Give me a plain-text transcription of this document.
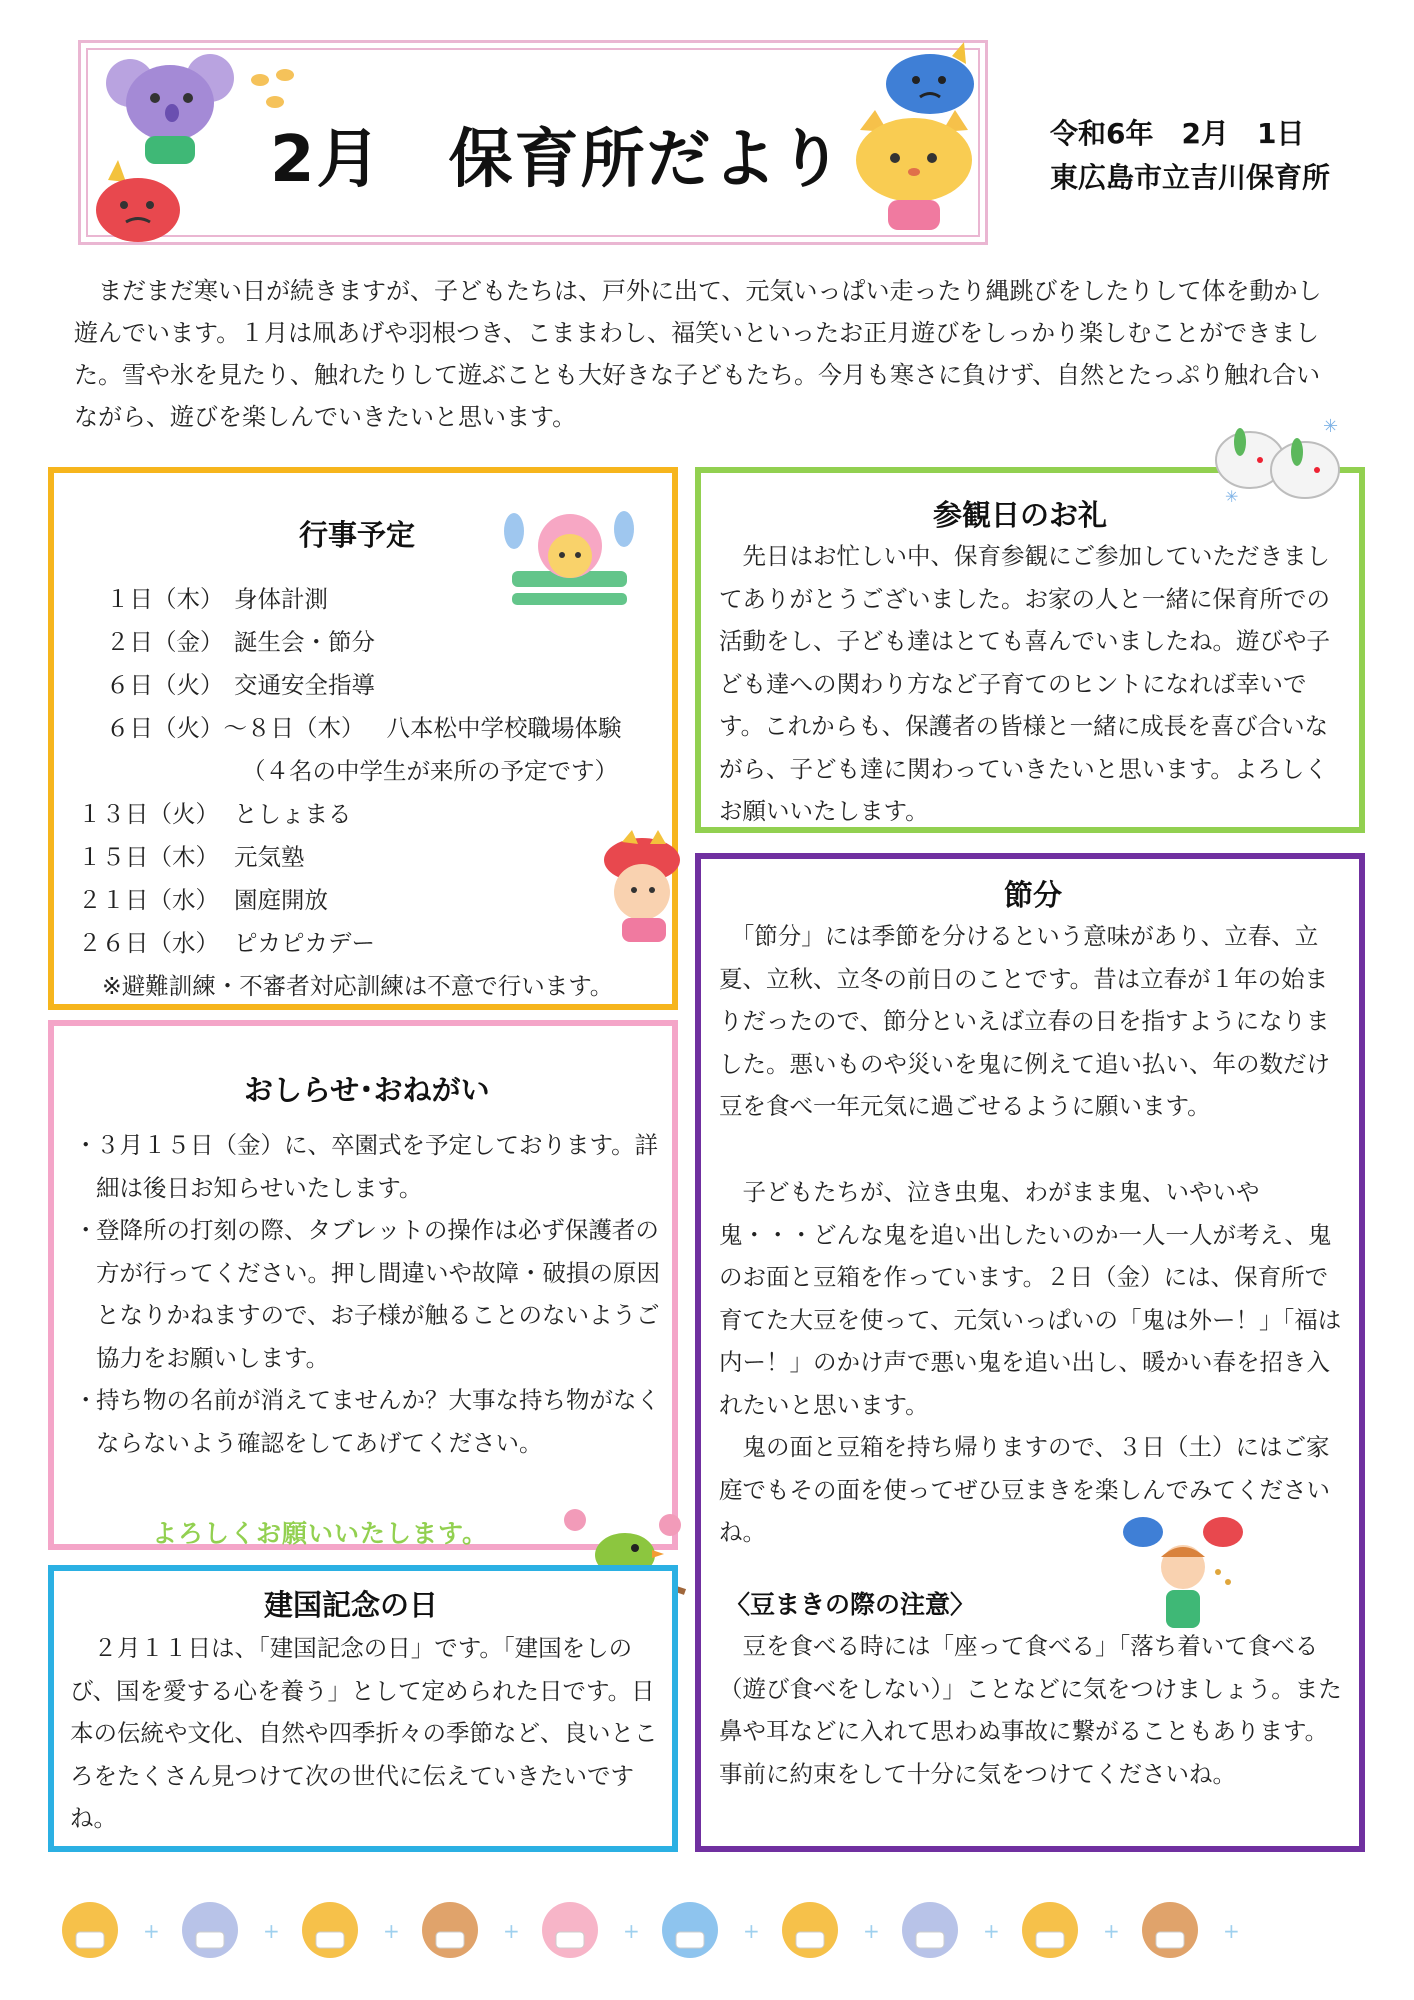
2月　保育所だより	令和6年　2月　1日
東広島市立吉川保育所
　まだまだ寒い日が続きますが、子どもたちは、戸外に出て、元気いっぱい走ったり縄跳びをしたりして体を動かし遊んでいます。１月は凧あげや羽根つき、こままわし、福笑いといったお正月遊びをしっかり楽しむことができました。雪や氷を見たり、触れたりして遊ぶことも大好きな子どもたち。今月も寒さに負けず、自然とたっぷり触れ合いながら、遊びを楽しんでいきたいと思います。
行事予定
１日（木） 身体計測
２日（金） 誕生会・節分
６日（火） 交通安全指導
６日（火）～８日（木） 八本松中学校職場体験
（４名の中学生が来所の予定です）
１３日（火） としょまる
１５日（木） 元気塾
２１日（水） 園庭開放
２６日（水） ピカピカデー
※避難訓練・不審者対応訓練は不意で行います。
参観日のお礼
　先日はお忙しい中、保育参観にご参加していただきましてありがとうございました。お家の人と一緒に保育所での活動をし、子ども達はとても喜んでいましたね。遊びや子ども達への関わり方など子育てのヒントになれば幸いです。これからも、保護者の皆様と一緒に成長を喜び合いながら、子ども達に関わっていきたいと思います。よろしくお願いいたします。
✳
✳
おしらせ･おねがい
・
３月１５日（金）に、卒園式を予定しております。詳細は後日お知らせいたします。
・
登降所の打刻の際、タブレットの操作は必ず保護者の方が行ってください。押し間違いや故障・破損の原因となりかねますので、お子様が触ることのないようご協力をお願いします。
・
持ち物の名前が消えてませんか？大事な持ち物がなくならないよう確認をしてあげてください。
よろしくお願いいたします。
建国記念の日
　２月１１日は、「建国記念の日」です。「建国をしのび、国を愛する心を養う」として定められた日です。日本の伝統や文化、自然や四季折々の季節など、良いところをたくさん見つけて次の世代に伝えていきたいですね。
節分
　「節分」には季節を分けるという意味があり、立春、立夏、立秋、立冬の前日のことです。昔は立春が１年の始まりだったので、節分といえば立春の日を指すようになりました。悪いものや災いを鬼に例えて追い払い、年の数だけ豆を食べ一年元気に過ごせるように願います。
　子どもたちが、泣き虫鬼、わがまま鬼、いやいや鬼・・・どんな鬼を追い出したいのか一人一人が考え、鬼のお面と豆箱を作っています。２日（金）には、保育所で育てた大豆を使って、元気いっぱいの「鬼は外ー！」「福は内ー！」のかけ声で悪い鬼を追い出し、暖かい春を招き入れたいと思います。
　鬼の面と豆箱を持ち帰りますので、３日（土）にはご家庭でもその面を使ってぜひ豆まきを楽しんでみてくださいね。
〈豆まきの際の注意〉
　豆を食べる時には「座って食べる」「落ち着いて食べる（遊び食べをしない）」ことなどに気をつけましょう。また鼻や耳などに入れて思わぬ事故に繋がることもあります。事前に約束をして十分に気をつけてくださいね。
+	+	+	+	+	+	+	+	+	+
